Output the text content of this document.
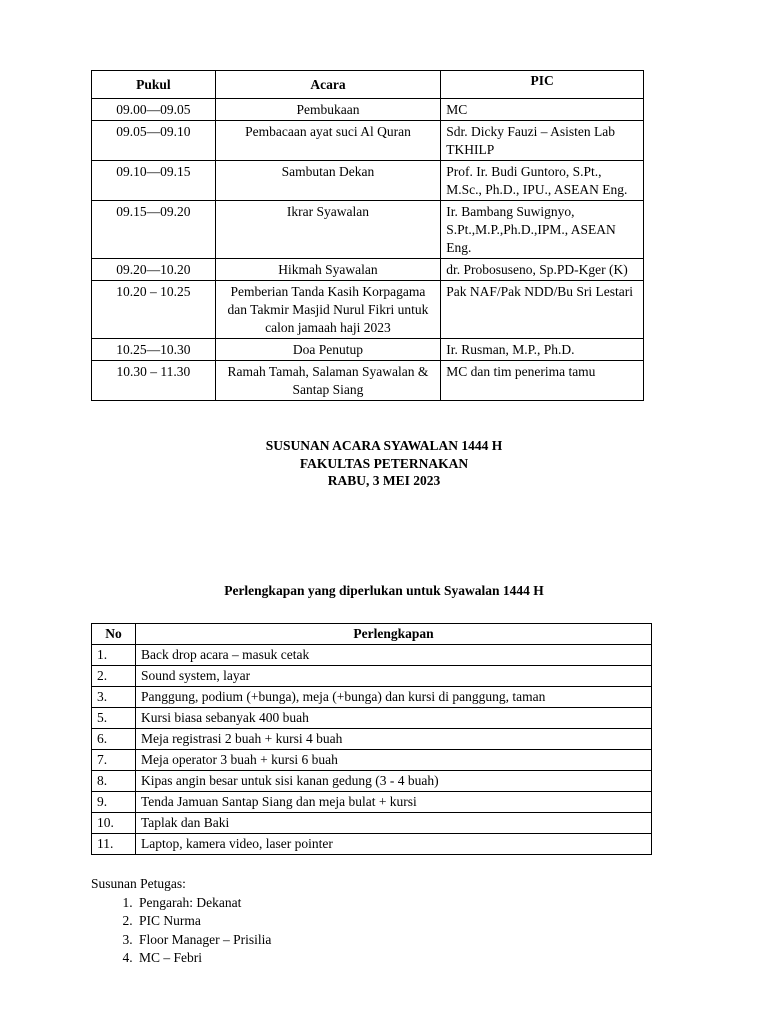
Pukul	Acara	PIC
09.00—09.05	Pembukaan	MC
09.05—09.10	Pembacaan ayat suci Al Quran	Sdr. Dicky Fauzi – Asisten Lab TKHILP
09.10—09.15	Sambutan Dekan	Prof. Ir. Budi Guntoro, S.Pt., M.Sc., Ph.D., IPU., ASEAN Eng.
09.15—09.20	Ikrar Syawalan	Ir. Bambang Suwignyo, S.Pt.,M.P.,Ph.D.,IPM., ASEAN Eng.
09.20—10.20	Hikmah Syawalan	dr. Probosuseno, Sp.PD-Kger (K)
10.20 – 10.25	Pemberian Tanda Kasih Korpagama dan Takmir Masjid Nurul Fikri untuk calon jamaah haji 2023	Pak NAF/Pak NDD/Bu Sri Lestari
10.25—10.30	Doa Penutup	Ir. Rusman, M.P., Ph.D.
10.30 – 11.30	Ramah Tamah, Salaman Syawalan & Santap Siang	MC dan tim penerima tamu
SUSUNAN ACARA SYAWALAN 1444 H
FAKULTAS PETERNAKAN
RABU, 3 MEI 2023
Perlengkapan yang diperlukan untuk Syawalan 1444 H
No	Perlengkapan
1.	Back drop acara – masuk cetak
2.	Sound system, layar
3.	Panggung, podium (+bunga), meja (+bunga) dan kursi di panggung, taman
5.	Kursi biasa sebanyak 400 buah
6.	Meja registrasi 2 buah + kursi 4 buah
7.	Meja operator 3 buah + kursi 6 buah
8.	Kipas angin besar untuk sisi kanan gedung (3 - 4 buah)
9.	Tenda Jamuan Santap Siang dan meja bulat + kursi
10.	Taplak dan Baki
11.	Laptop, kamera video, laser pointer
Susunan Petugas:
1. Pengarah: Dekanat
2. PIC Nurma
3. Floor Manager – Prisilia
4. MC – Febri
